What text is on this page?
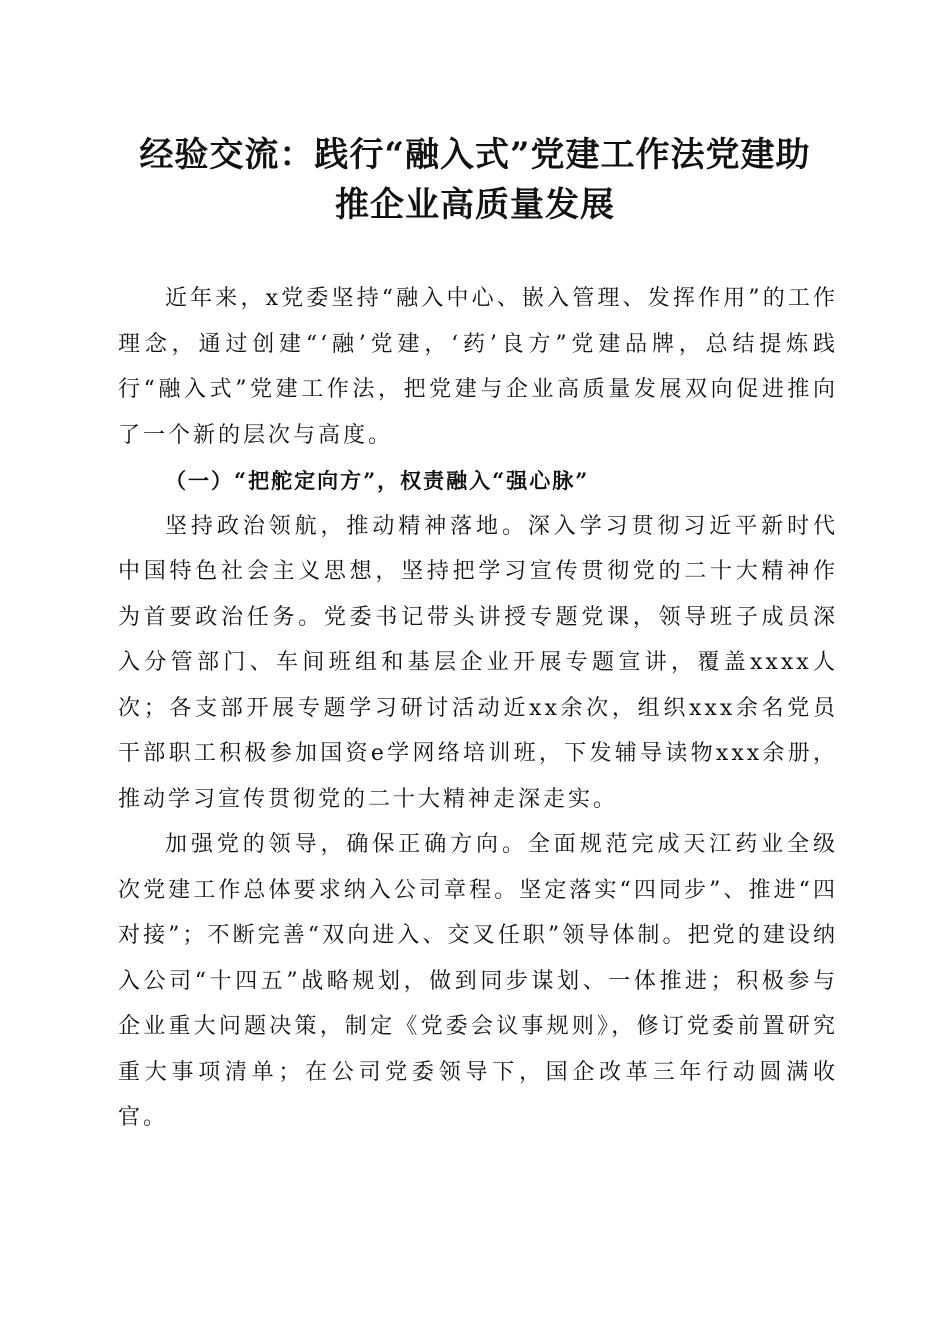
经验交流：践行“融入式”党建工作法党建助
推企业高质量发展

近年来，x党委坚持“融入中心、嵌入管理、发挥作用”的工作理念，通过创建“‘融’党建，‘药’良方”党建品牌，总结提炼践行“融入式”党建工作法，把党建与企业高质量发展双向促进推向了一个新的层次与高度。

（一）“把舵定向方”，权责融入“强心脉”

坚持政治领航，推动精神落地。深入学习贯彻习近平新时代中国特色社会主义思想，坚持把学习宣传贯彻党的二十大精神作为首要政治任务。党委书记带头讲授专题党课，领导班子成员深入分管部门、车间班组和基层企业开展专题宣讲，覆盖xxxx人次；各支部开展专题学习研讨活动近xx余次，组织xxx余名党员干部职工积极参加国资e学网络培训班，下发辅导读物xxx余册，推动学习宣传贯彻党的二十大精神走深走实。

加强党的领导，确保正确方向。全面规范完成天江药业全级次党建工作总体要求纳入公司章程。坚定落实“四同步”、推进“四对接”；不断完善“双向进入、交叉任职”领导体制。把党的建设纳入公司“十四五”战略规划，做到同步谋划、一体推进；积极参与企业重大问题决策，制定《党委会议事规则》，修订党委前置研究重大事项清单；在公司党委领导下，国企改革三年行动圆满收官。
